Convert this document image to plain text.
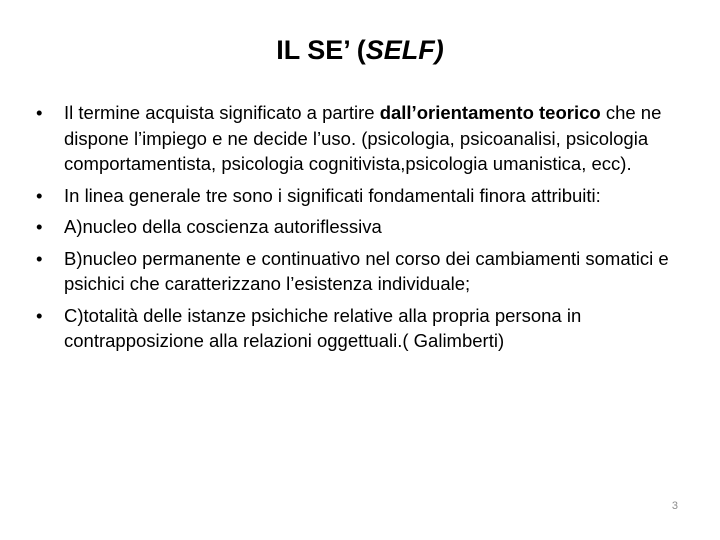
IL SE’ (SELF)
•	Il termine acquista significato a partire dall’orientamento teorico che ne dispone l’impiego e ne decide l’uso. (psicologia, psicoanalisi, psicologia comportamentista, psicologia cognitivista,psicologia umanistica, ecc).
•	In linea generale tre sono i significati fondamentali finora attribuiti:
•	A)nucleo della coscienza autoriflessiva
•	B)nucleo permanente e continuativo nel corso dei cambiamenti somatici e psichici che caratterizzano l’esistenza individuale;
•	C)totalità delle istanze psichiche relative alla propria persona in contrapposizione alla relazioni oggettuali.( Galimberti)
3
